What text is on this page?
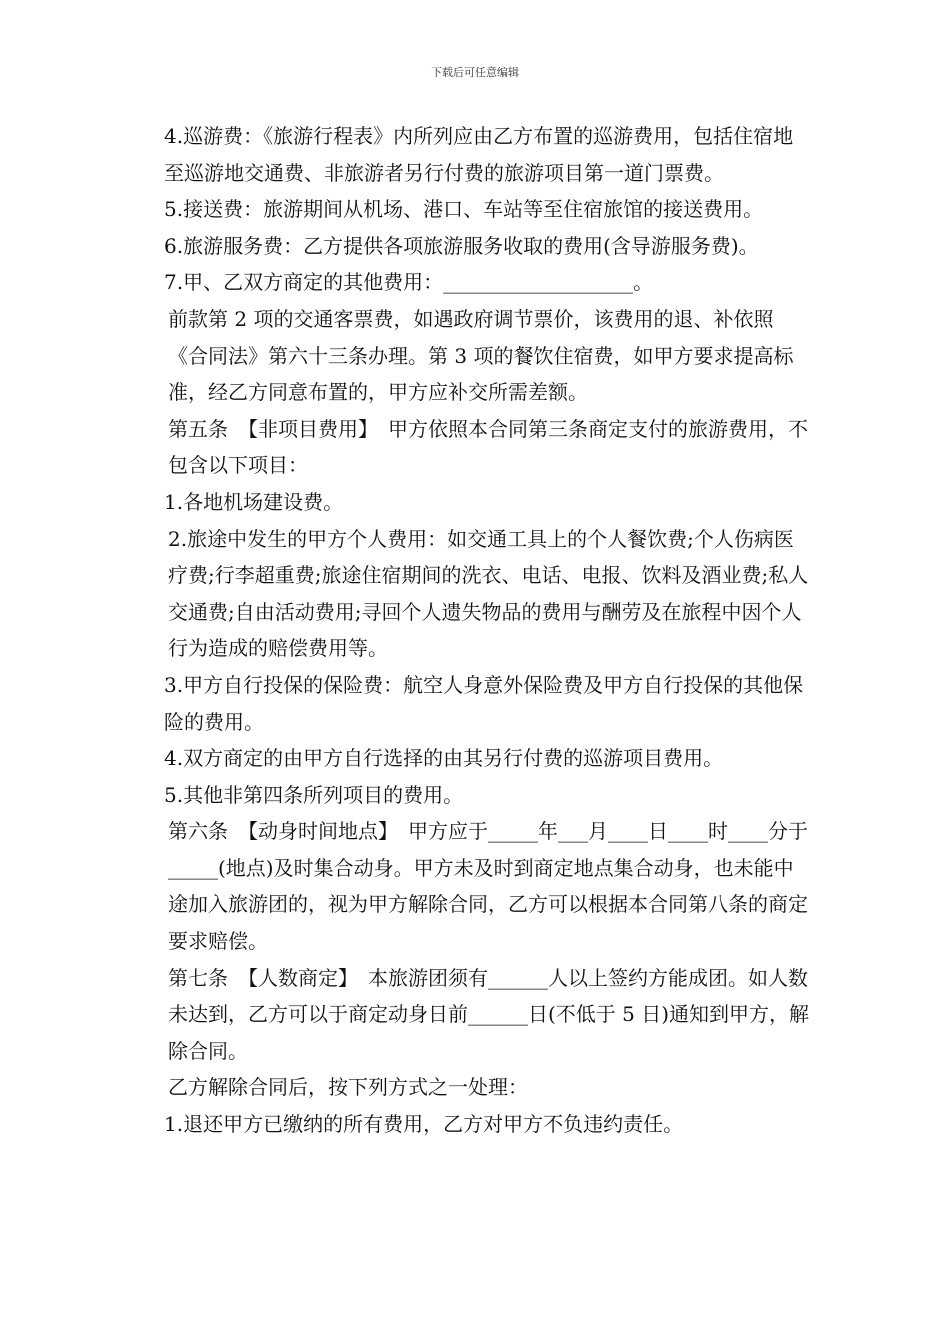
下载后可任意编辑

4.巡游费：《旅游行程表》内所列应由乙方布置的巡游费用，包括住宿地至巡游地交通费、非旅游者另行付费的旅游项目第一道门票费。

5.接送费：旅游期间从机场、港口、车站等至住宿旅馆的接送费用。

6.旅游服务费：乙方提供各项旅游服务收取的费用(含导游服务费)。

7.甲、乙双方商定的其他费用：___________________。

前款第 2 项的交通客票费，如遇政府调节票价，该费用的退、补依照《合同法》第六十三条办理。第 3 项的餐饮住宿费，如甲方要求提高标准，经乙方同意布置的，甲方应补交所需差额。

第五条　【非项目费用】　甲方依照本合同第三条商定支付的旅游费用，不包含以下项目：

1.各地机场建设费。

2.旅途中发生的甲方个人费用：如交通工具上的个人餐饮费;个人伤病医疗费;行李超重费;旅途住宿期间的洗衣、电话、电报、饮料及酒业费;私人交通费;自由活动费用;寻回个人遗失物品的费用与酬劳及在旅程中因个人行为造成的赔偿费用等。

3.甲方自行投保的保险费：航空人身意外保险费及甲方自行投保的其他保险的费用。

4.双方商定的由甲方自行选择的由其另行付费的巡游项目费用。

5.其他非第四条所列项目的费用。

第六条　【动身时间地点】　甲方应于_____年___月____日____时____分于_____(地点)及时集合动身。甲方未及时到商定地点集合动身，也未能中途加入旅游团的，视为甲方解除合同，乙方可以根据本合同第八条的商定要求赔偿。

第七条　【人数商定】　本旅游团须有______人以上签约方能成团。如人数未达到，乙方可以于商定动身日前______日(不低于 5 日)通知到甲方，解除合同。

乙方解除合同后，按下列方式之一处理：

1.退还甲方已缴纳的所有费用，乙方对甲方不负违约责任。
